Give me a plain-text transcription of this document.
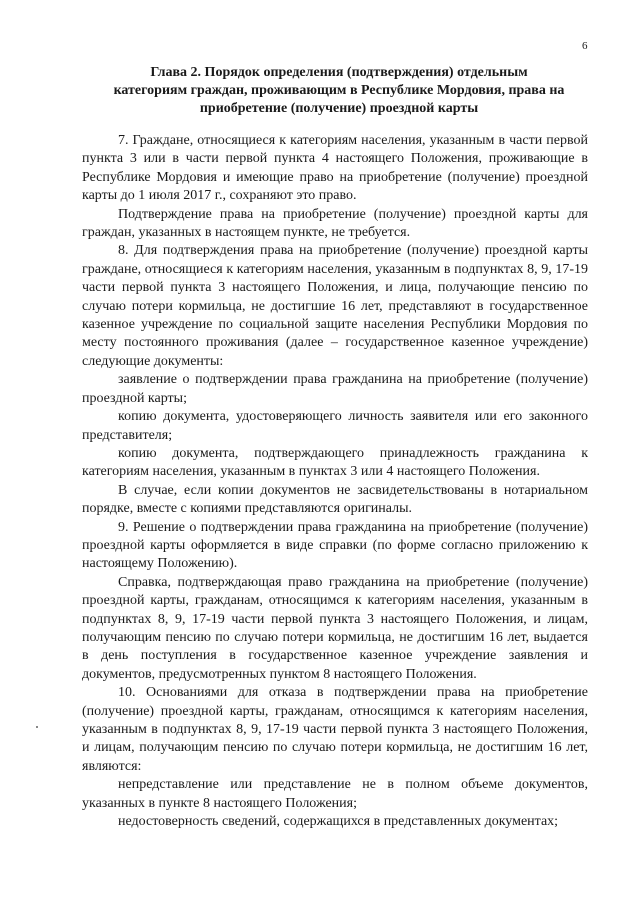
6
Глава 2. Порядок определения (подтверждения) отдельным
категориям граждан, проживающим в Республике Мордовия, права на
приобретение (получение) проездной карты

7. Граждане, относящиеся к категориям населения, указанным в части первой пункта 3 или в части первой пункта 4 настоящего Положения, проживающие в Республике Мордовия и имеющие право на приобретение (получение) проездной карты до 1 июля 2017 г., сохраняют это право.

Подтверждение права на приобретение (получение) проездной карты для граждан, указанных в настоящем пункте, не требуется.

8. Для подтверждения права на приобретение (получение) проездной карты граждане, относящиеся к категориям населения, указанным в подпунктах 8, 9, 17-19 части первой пункта 3 настоящего Положения, и лица, получающие пенсию по случаю потери кормильца, не достигшие 16 лет, представляют в государственное казенное учреждение по социальной защите населения Республики Мордовия по месту постоянного проживания (далее – государственное казенное учреждение) следующие документы:

заявление о подтверждении права гражданина на приобретение (получение) проездной карты;

копию документа, удостоверяющего личность заявителя или его законного представителя;

копию документа, подтверждающего принадлежность гражданина к категориям населения, указанным в пунктах 3 или 4 настоящего Положения.

В случае, если копии документов не засвидетельствованы в нотариальном порядке, вместе с копиями представляются оригиналы.

9. Решение о подтверждении права гражданина на приобретение (получение) проездной карты оформляется в виде справки (по форме согласно приложению к настоящему Положению).

Справка, подтверждающая право гражданина на приобретение (получение) проездной карты, гражданам, относящимся к категориям населения, указанным в подпунктах 8, 9, 17-19 части первой пункта 3 настоящего Положения, и лицам, получающим пенсию по случаю потери кормильца, не достигшим 16 лет, выдается в день поступления в государственное казенное учреждение заявления и документов, предусмотренных пунктом 8 настоящего Положения.

10. Основаниями для отказа в подтверждении права на приобретение (получение) проездной карты, гражданам, относящимся к категориям населения, указанным в подпунктах 8, 9, 17-19 части первой пункта 3 настоящего Положения, и лицам, получающим пенсию по случаю потери кормильца, не достигшим 16 лет, являются:

непредставление или представление не в полном объеме документов, указанных в пункте 8 настоящего Положения;

недостоверность сведений, содержащихся в представленных документах;
